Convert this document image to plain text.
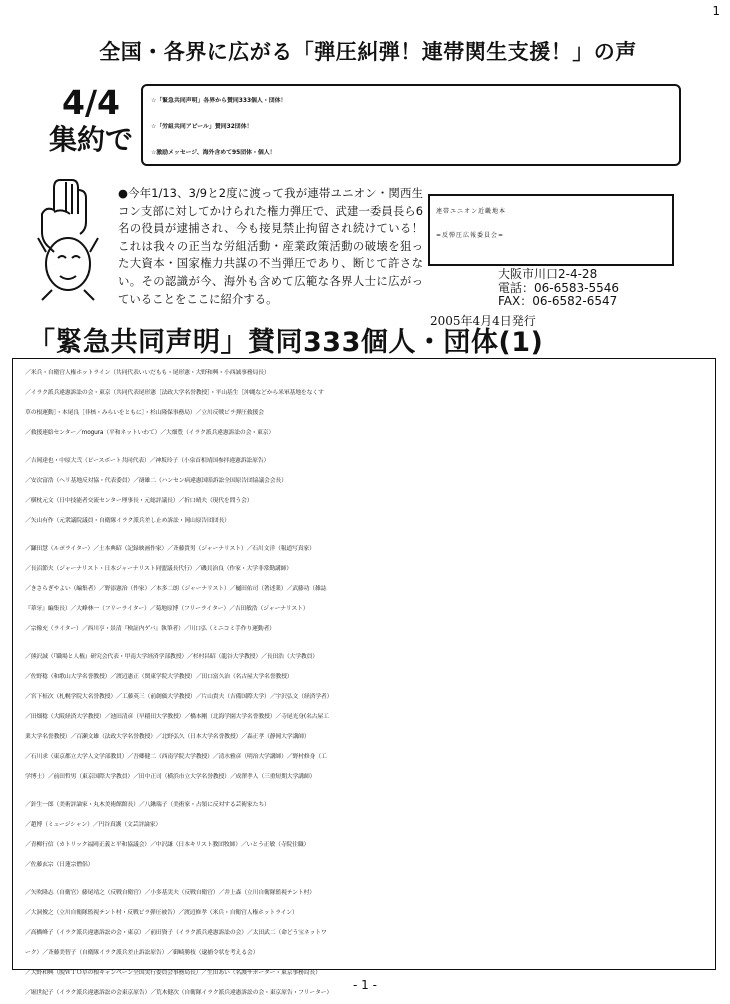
1
全国・各界に広がる「弾圧糾弾！連帯関生支援！」の声
4/4
集約で
☆「緊急共同声明」各界から賛同333個人・団体！
☆「労組共同アピール」賛同32団体！
☆激励メッセージ、海外含めて95団体・個人！
●今年1/13、3/9と2度に渡って我が連帯ユニオン・関西生コン支部に対してかけられた権力弾圧で、武建一委員長ら6名の役員が逮捕され、今も接見禁止拘留され続けている！これは我々の正当な労組活動・産業政策活動の破壊を狙った大資本・国家権力共謀の不当弾圧であり、断じて許さない。その認識が今、海外も含めて広範な各界人士に広がっていることをここに紹介する。
連帯ユニオン近畿地本
=反弾圧広報委員会=
大阪市川口2-4-28
電話：06-6583-5546
FAX：06-6582-6547
2005年4月4日発行
「緊急共同声明」賛同333個人・団体(1)
／米兵・自衛官人権ホットライン（共同代表いいだもも・尾形憲・大野和興・小西誠事務局長）
／イラク派兵違憲訴訟の会・東京（共同代表尾形憲［法政大学名誉教授］・平山基生［沖縄などから米軍基地をなくす
草の根運動］・本尾良［非核・みらいをともに］・杉山隆保事務局）／立川反戦ビラ弾圧救援会
／救援連絡センター／mogura（平和ネットいわて）／大畑豊（イラク派兵違憲訴訟の会・東京）
／吉岡達也・中原大弐（ピースボート共同代表）／神坂玲子（小泉首相靖国参拝違憲訴訟原告）
／安次富浩（ヘリ基地反対協・代表委員）／谺雄二（ハンセン病違憲国賠訴訟全国原告団協議会会長）
／横枕元文（日中技能者交流センター理事長・元総評議長）／折口晴夫（現代を問う会）
／矢山有作（元衆議院議員・自衛隊イラク派兵差し止め訴訟・岡山原告団団長）
／鎌田慧（ルポライター）／土本典昭（記録映画作家）／斉藤貴男（ジャーナリスト）／石川文洋（報道写真家）
／長沼節夫（ジャーナリスト・日本ジャーナリスト同盟議長代行）／磯貝治良（作家・大学非常勤講師）
／きさらぎやよい（編集者）／野添憲治（作家）／本多二朗（ジャーナリスト）／樋田佑司（著述業）／武藤功（雑誌
『葦牙』編集長）／大峰林一（フリーライター）／菊地原博（フリーライター）／吉田敏浩（ジャーナリスト）
／宗像充（ライター）／西川亨・景清『検証内ゲバ』執筆者）／川口弘（ミニコミ手作り運動者）
／熊沢誠（『職場と人権』研究会代表・甲南大学経済学部教授）／杉村昌昭（龍谷大学教授）／長田浩（大学教員）
／佐野稔（和歌山大学名誉教授）／渡辺憲正（関東学院大学教授）／田口富久治（名古屋大学名誉教授）
／宮下柾次（札幌学院大名誉教授）／工藤英三（前創価大学教授）／片山貴夫（吉備国際大学）／宇沢弘文（経済学者）
／田畑稔（大阪経済大学教授）／池田清彦（早稲田大学教授）／橋本剛（北海学園大学名誉教授）／寺尾光身(名古屋工
業大学名誉教授）／百瀬文雄（法政大学名誉教授）／北野弘久（日本大学名誉教授）／森正孝（静岡大学講師）
／石川求（東京都立大学人文学部教員）／吾郷健二（西南学院大学教授）／清水雅彦（明治大学講師）／野村修身（工
学博士）／前田哲男（東京国際大学教員）／田中正司（横浜市立大学名誉教授）／成澤孝人（三重短期大学講師）
／針生一郎（美術評論家・丸木美術館館長）／八鍬瑞子（美術家・占領に反対する芸術家たち）
／趙博（ミュージシャン）／円谷真護（文芸評論家）
／青柳行信（カトリック福岡正義と平和協議会）／中沢謙（日本キリスト教団牧師）／いとう正敏（寺院住職）
／佐藤玄宗（日蓮宗僧侶）
／矢吹隆志（自衛官）藤尾靖之（反戦自衛官）／小多基実夫（反戦自衛官）／井上森（立川自衛隊監視テント村）
／大洞俊之（立川自衛隊監視テント村・反戦ビラ弾圧被告）／渡辺修孝（米兵・自衛官人権ホットライン）
／高橋峰子（イラク派兵違憲訴訟の会・東京）／前田資子（イラク派兵違憲訴訟の会）／太田武二（命どう宝ネットワ
ーク）／斉藤美智子（自衛隊イラク派兵差止訴訟原告）／御崎勝枝（逮捕令状を考える会）
／大野和興（脱ＷＴＯ草の根キャンペーン全国実行委員会事務局長）／生田あい（名護サポーター・東京事務局長）
／堀世紀子（イラク派兵違憲訴訟の会東京原告）／荒木健次（自衛隊イラク派兵違憲訴訟の会・東京原告・フリーター）
- 1 -
